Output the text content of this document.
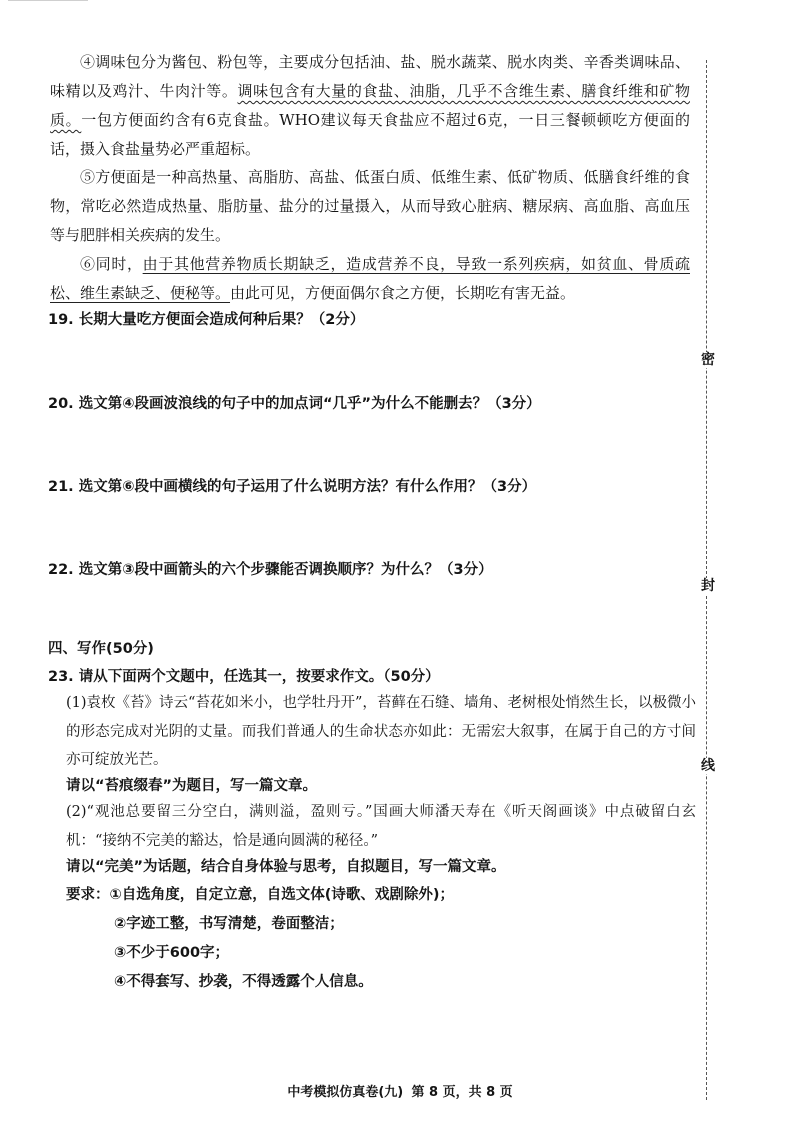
④调味包分为酱包、粉包等，主要成分包括油、盐、脱水蔬菜、脱水肉类、辛香类调味品、味精以及鸡汁、牛肉汁等。调味包含有大量的食盐、油脂，几乎不含维生素、膳食纤维和矿物质。一包方便面约含有6克食盐。WHO建议每天食盐应不超过6克，一日三餐顿顿吃方便面的话，摄入食盐量势必严重超标。

⑤方便面是一种高热量、高脂肪、高盐、低蛋白质、低维生素、低矿物质、低膳食纤维的食物，常吃必然造成热量、脂肪量、盐分的过量摄入，从而导致心脏病、糖尿病、高血脂、高血压等与肥胖相关疾病的发生。

⑥同时，由于其他营养物质长期缺乏，造成营养不良，导致一系列疾病，如贫血、骨质疏松、维生素缺乏、便秘等。由此可见，方便面偶尔食之方便，长期吃有害无益。

19. 长期大量吃方便面会造成何种后果？（2分）

20. 选文第④段画波浪线的句子中的加点词“几乎”为什么不能删去？（3分）

21. 选文第⑥段中画横线的句子运用了什么说明方法？有什么作用？（3分）

22. 选文第③段中画箭头的六个步骤能否调换顺序？为什么？（3分）

四、写作(50分)

23. 请从下面两个文题中，任选其一，按要求作文。（50分）

(1)袁枚《苔》诗云“苔花如米小，也学牡丹开”，苔藓在石缝、墙角、老树根处悄然生长，以极微小的形态完成对光阴的丈量。而我们普通人的生命状态亦如此：无需宏大叙事，在属于自己的方寸间亦可绽放光芒。

请以“苔痕缀春”为题目，写一篇文章。

(2)“观池总要留三分空白，满则溢，盈则亏。”国画大师潘天寿在《听天阁画谈》中点破留白玄机：“接纳不完美的豁达，恰是通向圆满的秘径。”

请以“完美”为话题，结合自身体验与思考，自拟题目，写一篇文章。

要求：①自选角度，自定立意，自选文体(诗歌、戏剧除外)；

②字迹工整，书写清楚，卷面整洁；

③不少于600字；

④不得套写、抄袭，不得透露个人信息。

密
封
线
中考模拟仿真卷(九) 第 8 页，共 8 页
